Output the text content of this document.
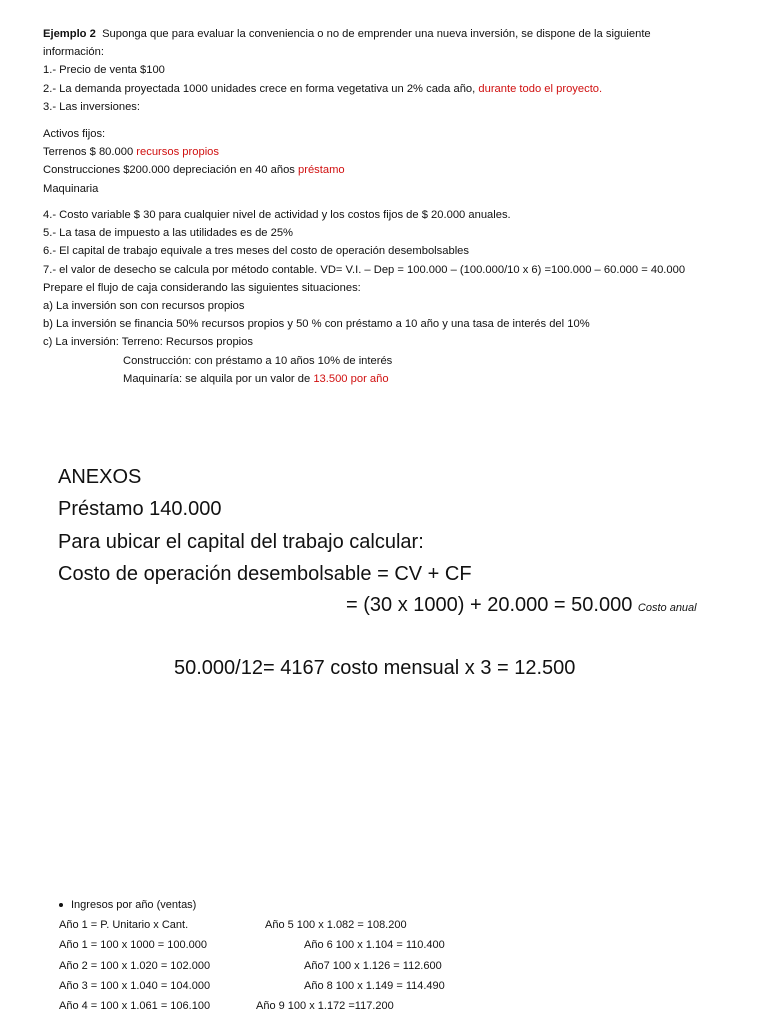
Ejemplo 2 Suponga que para evaluar la conveniencia o no de emprender una nueva inversión, se dispone de la siguiente
información:
1.- Precio de venta $100
2.- La demanda proyectada 1000 unidades crece en forma vegetativa un 2% cada año, durante todo el proyecto.
3.- Las inversiones:
Activos fijos:
Terrenos $ 80.000 recursos propios
Construcciones $200.000 depreciación en 40 años préstamo
Maquinaria
4.- Costo variable $ 30 para cualquier nivel de actividad y los costos fijos de $ 20.000 anuales.
5.- La tasa de impuesto a las utilidades es de 25%
6.- El capital de trabajo equivale a tres meses del costo de operación desembolsables
7.- el valor de desecho se calcula por método contable. VD= V.I. – Dep = 100.000 – (100.000/10 x 6) =100.000 – 60.000 = 40.000
Prepare el flujo de caja considerando las siguientes situaciones:
a) La inversión son con recursos propios
b) La inversión se financia 50% recursos propios y 50 % con préstamo a 10 año y una tasa de interés del 10%
c) La inversión: Terreno: Recursos propios
Construcción: con préstamo a 10 años 10% de interés
Maquinaría: se alquila por un valor de 13.500 por año
ANEXOS
Préstamo 140.000
Para ubicar el capital del trabajo calcular:
Costo de operación desembolsable = CV + CF
= (30 x 1000) + 20.000 = 50.000 Costo anual
50.000/12= 4167 costo mensual x 3 = 12.500
Ingresos por año (ventas)
Año 1 = P. Unitario x Cant.
Año 1 = 100 x 1000 = 100.000
Año 2 = 100 x 1.020 = 102.000
Año 3 = 100 x 1.040 = 104.000
Año 4 = 100 x 1.061 = 106.100
Año 5 100 x 1.082 = 108.200
Año 6 100 x 1.104 = 110.400
Año7 100 x 1.126 = 112.600
Año 8 100 x 1.149 = 114.490
Año 9 100 x 1.172 =117.200
